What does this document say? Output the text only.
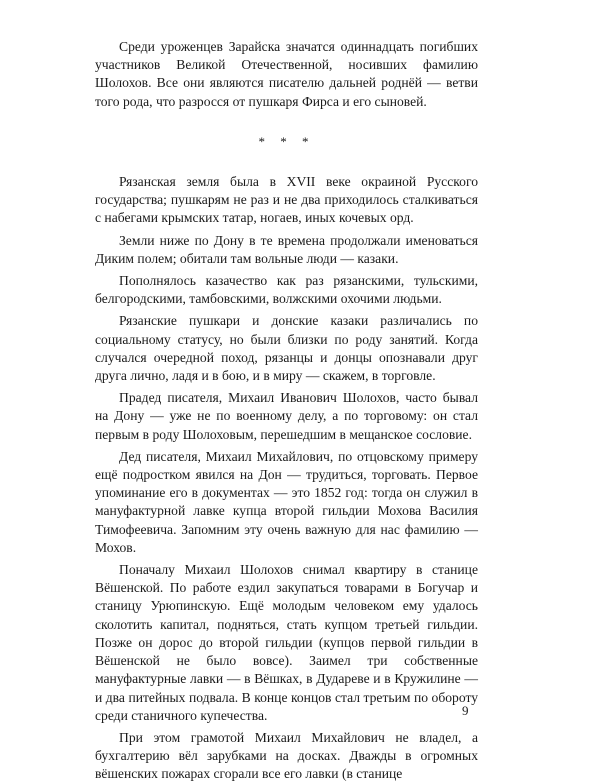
Среди уроженцев Зарайска значатся одиннадцать погибших участников Великой Отечественной, носивших фамилию Шолохов. Все они являются писателю дальней роднёй — ветви того рода, что разросся от пушкаря Фирса и его сыновей.

* * *

Рязанская земля была в XVII веке окраиной Русского государства; пушкарям не раз и не два приходилось сталкиваться с набегами крымских татар, ногаев, иных кочевых орд.

Земли ниже по Дону в те времена продолжали именоваться Диким полем; обитали там вольные люди — казаки.

Пополнялось казачество как раз рязанскими, тульскими, белгородскими, тамбовскими, волжскими охочими людьми.

Рязанские пушкари и донские казаки различались по социальному статусу, но были близки по роду занятий. Когда случался очередной поход, рязанцы и донцы опознавали друг друга лично, ладя и в бою, и в миру — скажем, в торговле.

Прадед писателя, Михаил Иванович Шолохов, часто бывал на Дону — уже не по военному делу, а по торговому: он стал первым в роду Шолоховым, перешедшим в мещанское сословие.

Дед писателя, Михаил Михайлович, по отцовскому примеру ещё подростком явился на Дон — трудиться, торговать. Первое упоминание его в документах — это 1852 год: тогда он служил в мануфактурной лавке купца второй гильдии Мохова Василия Тимофеевича. Запомним эту очень важную для нас фамилию — Мохов.

Поначалу Михаил Шолохов снимал квартиру в станице Вёшенской. По работе ездил закупаться товарами в Богучар и станицу Урюпинскую. Ещё молодым человеком ему удалось сколотить капитал, подняться, стать купцом третьей гильдии. Позже он дорос до второй гильдии (купцов первой гильдии в Вёшенской не было вовсе). Заимел три собственные мануфактурные лавки — в Вёшках, в Дудареве и в Кружилине — и два питейных подвала. В конце концов стал третьим по обороту среди станичного купечества.

При этом грамотой Михаил Михайлович не владел, а бухгалтерию вёл зарубками на досках. Дважды в огромных вёшенских пожарах сгорали все его лавки (в станице

9
